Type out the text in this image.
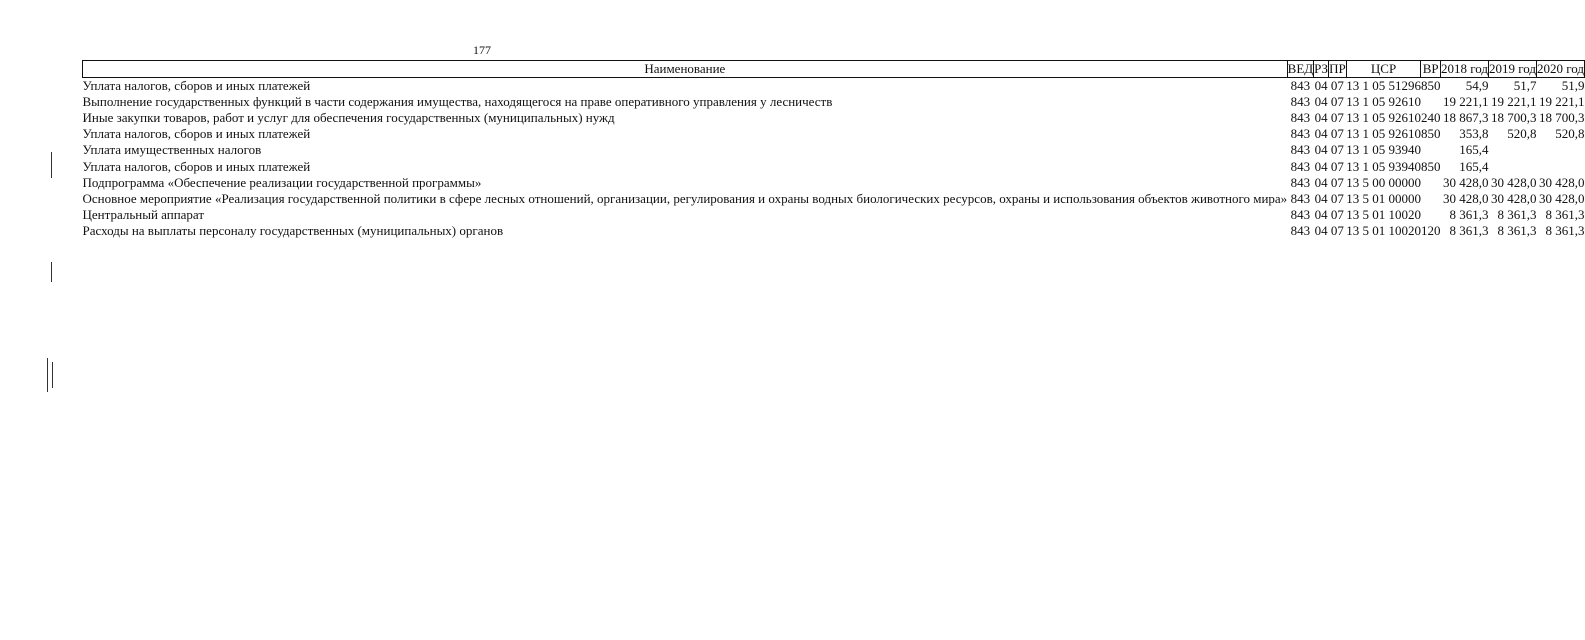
177
Наименование	ВЕД	РЗ	ПР	ЦСР	ВР	2018 год	2019 год	2020 год
Уплата налогов, сборов и иных платежей	843	04	07	13 1 05 51296	850	54,9	51,7	51,9
Выполнение государственных функций в части содержания имущества, находящегося на праве оперативного управления у лесничеств	843	04	07	13 1 05 92610		19 221,1	19 221,1	19 221,1
Иные закупки товаров, работ и услуг для обеспечения государственных (муниципальных) нужд	843	04	07	13 1 05 92610	240	18 867,3	18 700,3	18 700,3
Уплата налогов, сборов и иных платежей	843	04	07	13 1 05 92610	850	353,8	520,8	520,8
Уплата имущественных налогов	843	04	07	13 1 05 93940		165,4		
Уплата налогов, сборов и иных платежей	843	04	07	13 1 05 93940	850	165,4		
Подпрограмма «Обеспечение реализации государственной программы»	843	04	07	13 5 00 00000		30 428,0	30 428,0	30 428,0
Основное мероприятие «Реализация государственной политики в сфере лесных отношений, организации, регулирования и охраны водных биологических ресурсов, охраны и использования объектов животного мира»	843	04	07	13 5 01 00000		30 428,0	30 428,0	30 428,0
Центральный аппарат	843	04	07	13 5 01 10020		8 361,3	8 361,3	8 361,3
Расходы на выплаты персоналу государственных (муниципальных) органов	843	04	07	13 5 01 10020	120	8 361,3	8 361,3	8 361,3
